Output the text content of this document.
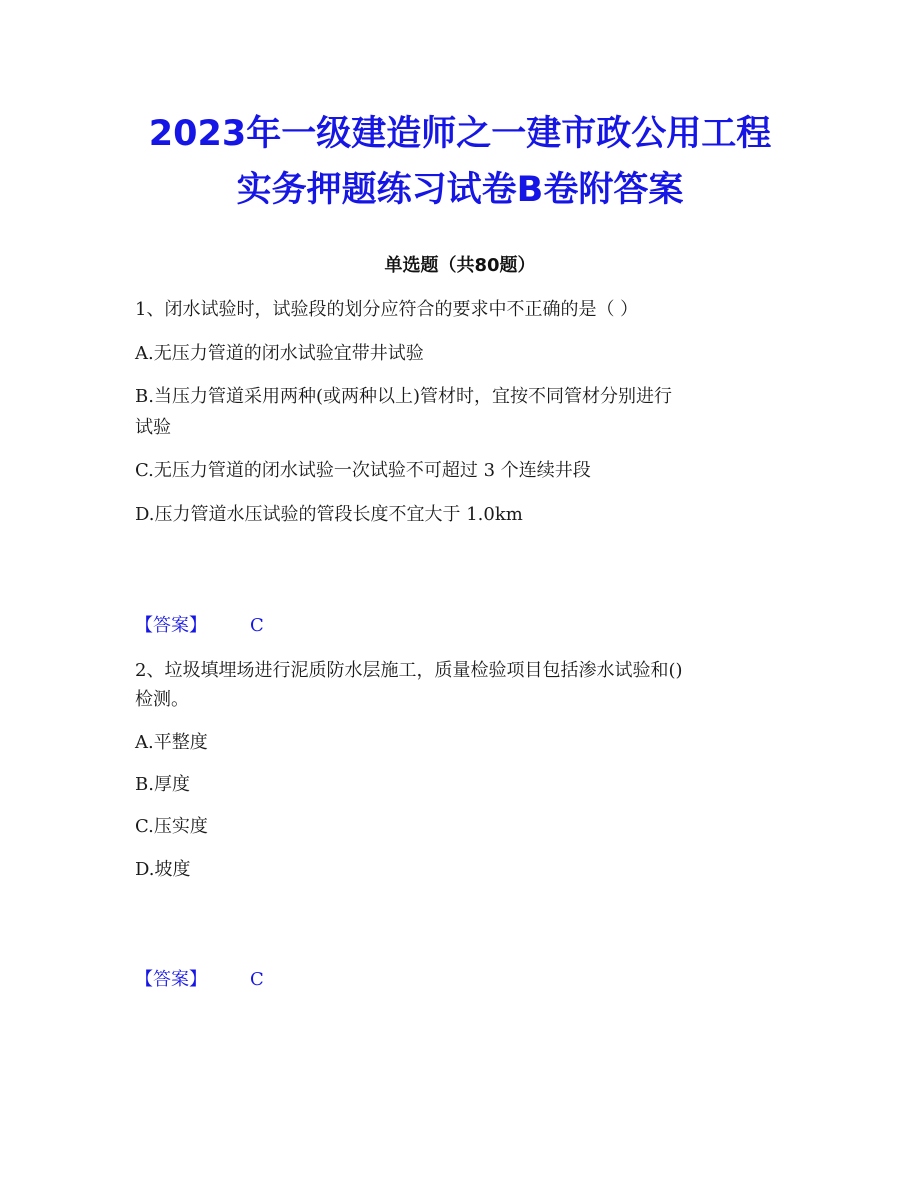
2023年一级建造师之一建市政公用工程
实务押题练习试卷B卷附答案
单选题（共80题）
1、闭水试验时，试验段的划分应符合的要求中不正确的是（ ）
A.无压力管道的闭水试验宜带井试验
B.当压力管道采用两种(或两种以上)管材时，宜按不同管材分别进行
试验
C.无压力管道的闭水试验一次试验不可超过 3 个连续井段
D.压力管道水压试验的管段长度不宜大于 1.0km
【答案】 C
2、垃圾填埋场进行泥质防水层施工，质量检验项目包括渗水试验和()
检测。
A.平整度
B.厚度
C.压实度
D.坡度
【答案】 C
